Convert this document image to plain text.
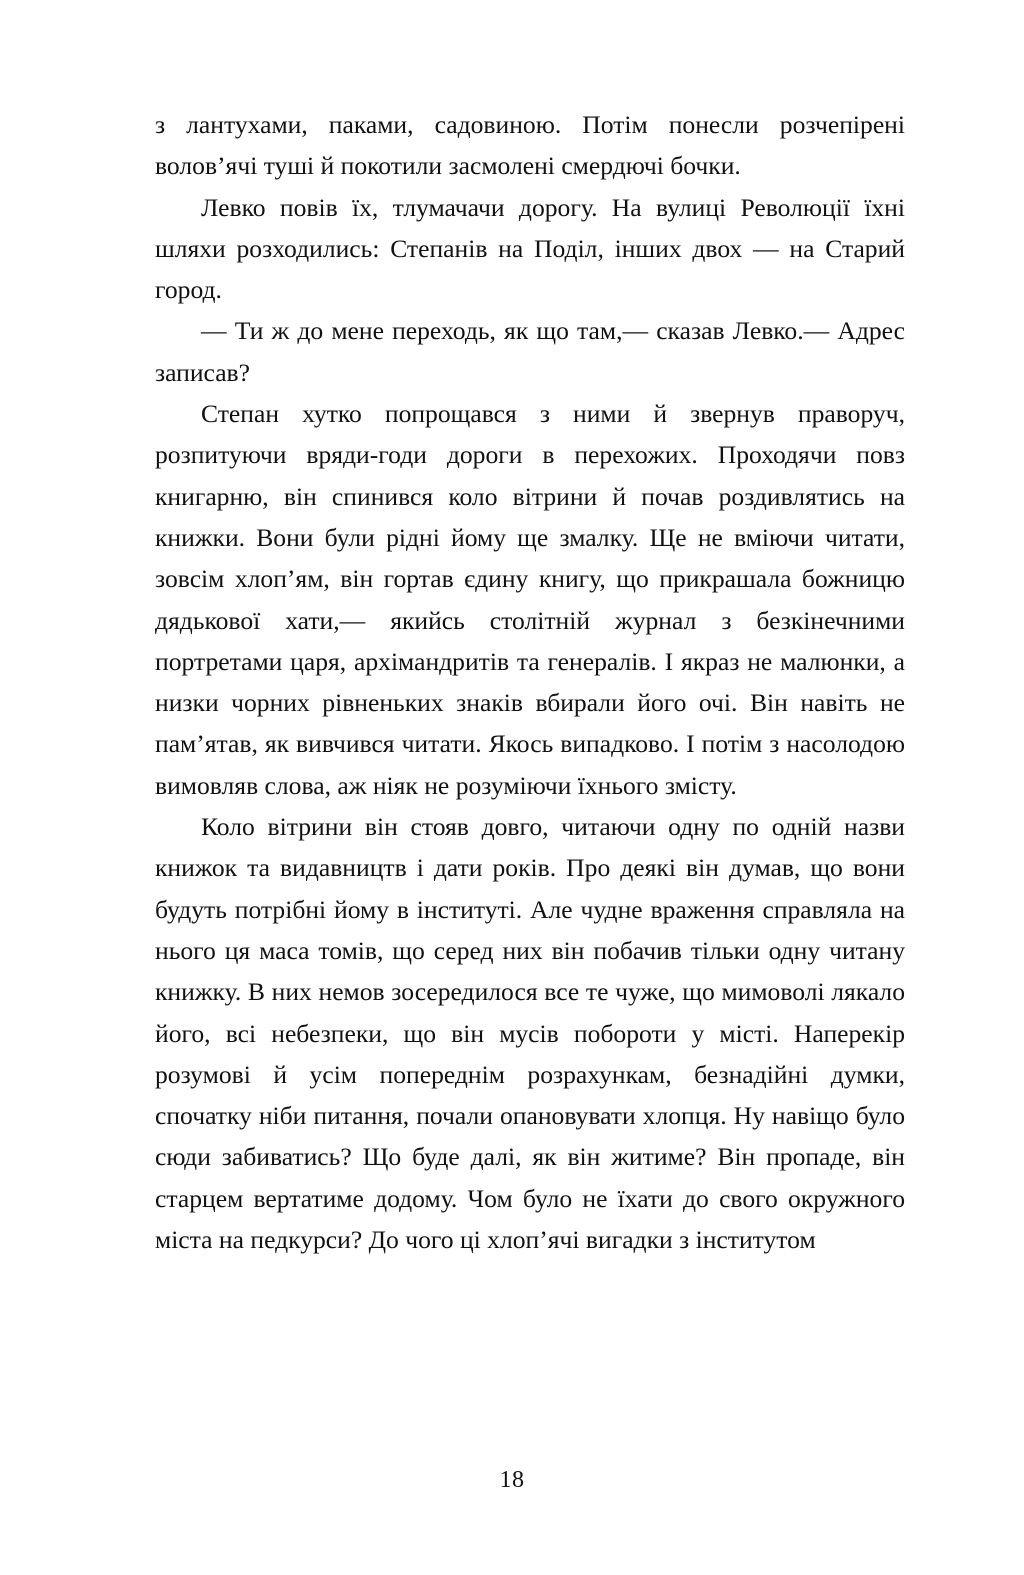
з лантухами, паками, садовиною. Потім понесли розчепірені волов’ячі туші й покотили засмолені смердючі бочки.

Левко повів їх, тлумачачи дорогу. На вулиці Революції їхні шляхи розходились: Степанів на Поділ, інших двох — на Старий город.

— Ти ж до мене переходь, як що там,— сказав Левко.— Адрес записав?

Степан хутко попрощався з ними й звернув праворуч, розпитуючи вряди-годи дороги в перехожих. Проходячи повз книгарню, він спинився коло вітрини й почав роздивлятись на книжки. Вони були рідні йому ще змалку. Ще не вміючи читати, зовсім хлоп’ям, він гортав єдину книгу, що прикрашала божницю дядькової хати,— якийсь столітній журнал з безкінечними портретами царя, архімандритів та генералів. І якраз не малюнки, а низки чорних рівненьких знаків вбирали його очі. Він навіть не пам’ятав, як вивчився читати. Якось випадково. І потім з насолодою вимовляв слова, аж ніяк не розуміючи їхнього змісту.

Коло вітрини він стояв довго, читаючи одну по одній назви книжок та видавництв і дати років. Про деякі він думав, що вони будуть потрібні йому в інституті. Але чудне враження справляла на нього ця маса томів, що серед них він побачив тільки одну читану книжку. В них немов зосередилося все те чуже, що мимоволі лякало його, всі небезпеки, що він мусів побороти у місті. Наперекір розумові й усім попереднім розрахункам, безнадійні думки, спочатку ніби питання, почали опановувати хлопця. Ну навіщо було сюди забиватись? Що буде далі, як він житиме? Він пропаде, він старцем вертатиме додому. Чом було не їхати до свого окружного міста на педкурси? До чого ці хлоп’ячі вигадки з інститутом

18
